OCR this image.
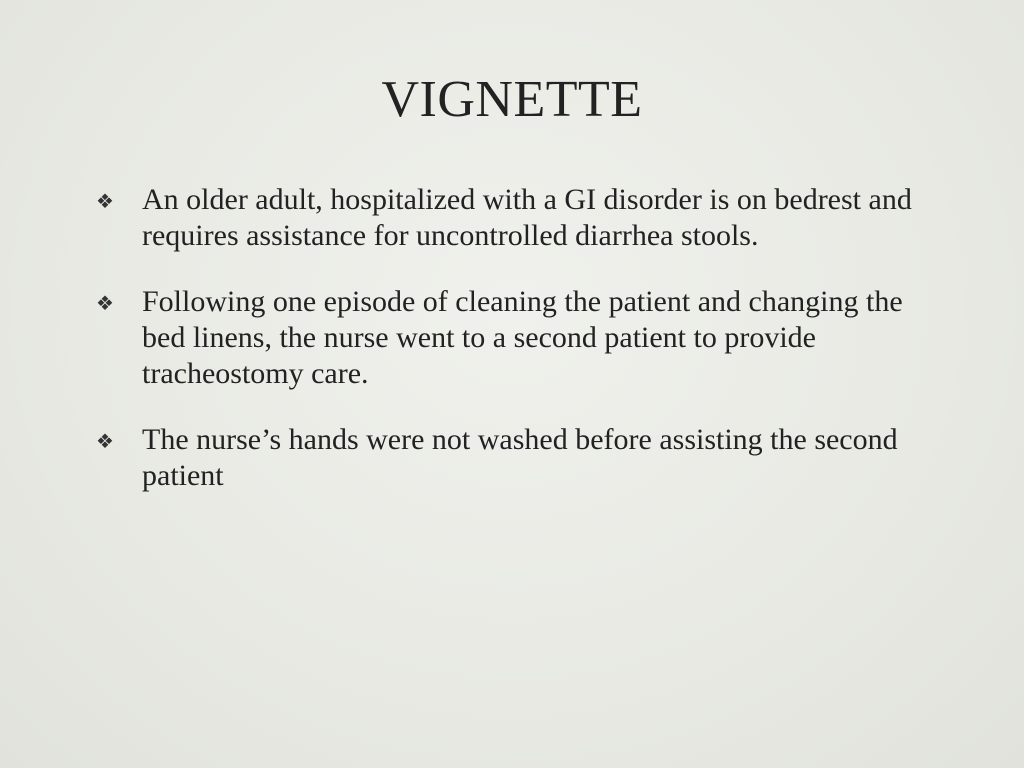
VIGNETTE
❖ An older adult, hospitalized with a GI disorder is on bedrest and requires assistance for uncontrolled diarrhea stools.
❖ Following one episode of cleaning the patient and changing the bed linens, the nurse went to a second patient to provide tracheostomy care.
❖ The nurse’s hands were not washed before assisting the second patient
